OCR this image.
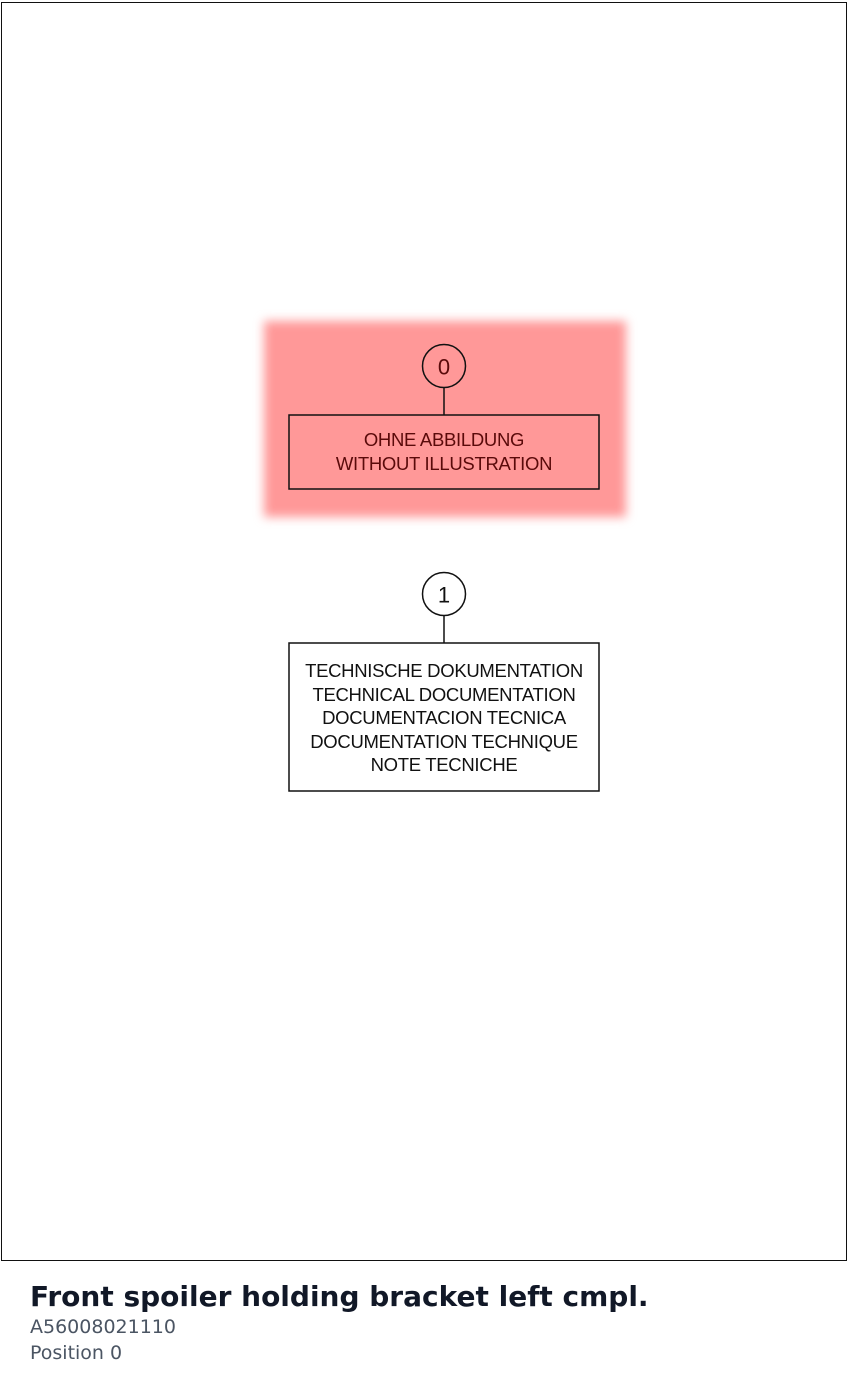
0
OHNE ABBILDUNG
WITHOUT ILLUSTRATION
1
TECHNISCHE DOKUMENTATION
TECHNICAL DOCUMENTATION
DOCUMENTACION TECNICA
DOCUMENTATION TECHNIQUE
NOTE TECNICHE

Front spoiler holding bracket left cmpl.

A56008021110

Position 0
